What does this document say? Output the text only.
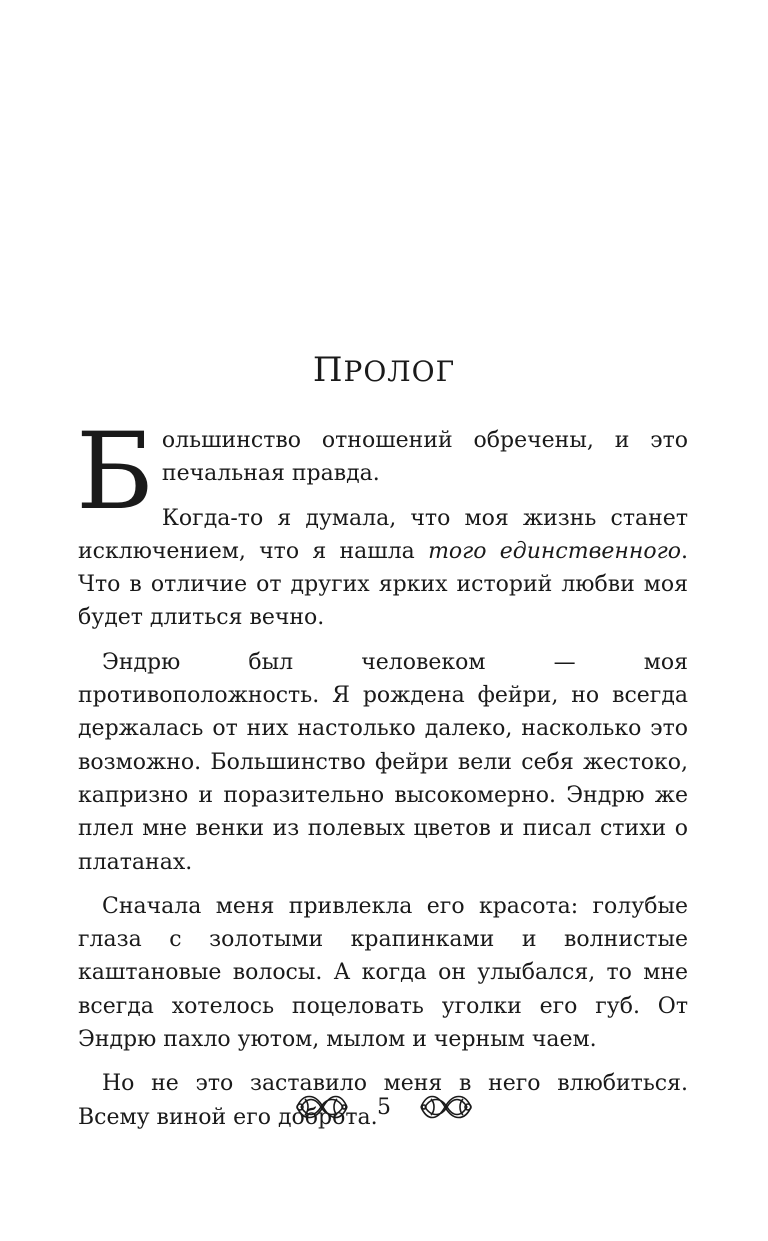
ПРОЛОГ

Большинство отношений обречены, и это печальная правда.

Когда-то я думала, что моя жизнь станет исключением, что я нашла того единственного. Что в отличие от других ярких историй любви моя будет длиться вечно.

Эндрю был человеком — моя противоположность. Я рождена фейри, но всегда держалась от них настолько далеко, насколько это возможно. Большинство фейри вели себя жестоко, капризно и поразительно высокомерно. Эндрю же плел мне венки из полевых цветов и писал стихи о платанах.

Сначала меня привлекла его красота: голубые глаза с золотыми крапинками и волнистые каштановые волосы. А когда он улыбался, то мне всегда хотелось поцеловать уголки его губ. От Эндрю пахло уютом, мылом и черным чаем.

Но не это заставило меня в него влюбиться. Всему виной его доброта. 5
